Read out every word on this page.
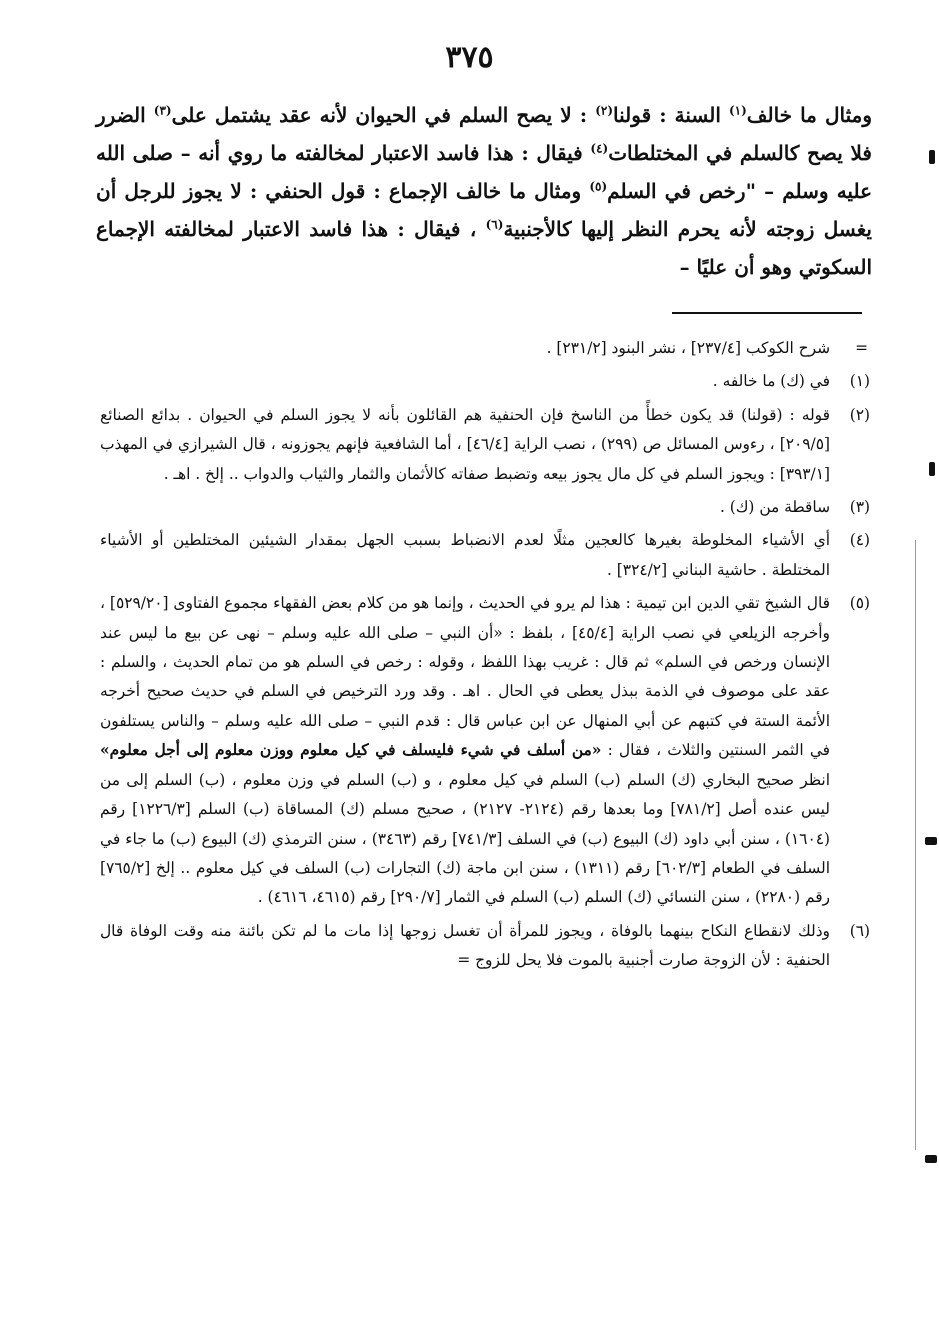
٣٧٥
ومثال ما خالف$^{(١)}$ السنة : قولنا$^{(٢)}$ : لا يصح السلم في الحيوان لأنه عقد يشتمل على$^{(٣)}$ الضرر فلا يصح كالسلم في المختلطات$^{(٤)}$ فيقال : هذا فاسد الاعتبار لمخالفته ما روي أنه – صلى الله عليه وسلم – "رخص في السلم$^{(٥)}$ ومثال ما خالف الإجماع : قول الحنفي : لا يجوز للرجل أن يغسل زوجته لأنه يحرم النظر إليها كالأجنبية$^{(٦)}$ ، فيقال : هذا فاسد الاعتبار لمخالفته الإجماع السكوتي وهو أن عليًا –
=
شرح الكوكب [٢٣٧/٤] ، نشر البنود [٢٣١/٢] .
(١)
في (ك) ما خالفه .
(٢)
قوله : (قولنا) قد يكون خطأً من الناسخ فإن الحنفية هم القائلون بأنه لا يجوز السلم في الحيوان . بدائع الصنائع [٢٠٩/٥] ، رءوس المسائل ص (٢٩٩) ، نصب الراية [٤٦/٤] ، أما الشافعية فإنهم يجوزونه ، قال الشيرازي في المهذب [٣٩٣/١] : ويجوز السلم في كل مال يجوز بيعه وتضبط صفاته كالأثمان والثمار والثياب والدواب .. إلخ . اهـ .
(٣)
ساقطة من (ك) .
(٤)
أي الأشياء المخلوطة بغيرها كالعجين مثلًا لعدم الانضباط بسبب الجهل بمقدار الشيئين المختلطين أو الأشياء المختلطة . حاشية البناني [٣٢٤/٢] .
(٥)
قال الشيخ تقي الدين ابن تيمية : هذا لم يرو في الحديث ، وإنما هو من كلام بعض الفقهاء مجموع الفتاوى [٥٢٩/٢٠] ، وأخرجه الزيلعي في نصب الراية [٤٥/٤] ، بلفظ : «أن النبي – صلى الله عليه وسلم – نهى عن بيع ما ليس عند الإنسان ورخص في السلم» ثم قال : غريب بهذا اللفظ ، وقوله : رخص في السلم هو من تمام الحديث ، والسلم : عقد على موصوف في الذمة ببذل يعطى في الحال . اهـ . وقد ورد الترخيص في السلم في حديث صحيح أخرجه الأئمة الستة في كتبهم عن أبي المنهال عن ابن عباس قال : قدم النبي – صلى الله عليه وسلم – والناس يستلفون في الثمر السنتين والثلاث ، فقال : «من أسلف في شيء فليسلف في كيل معلوم ووزن معلوم إلى أجل معلوم» انظر صحيح البخاري (ك) السلم (ب) السلم في كيل معلوم ، و (ب) السلم في وزن معلوم ، (ب) السلم إلى من ليس عنده أصل [٧٨١/٢] وما بعدها رقم (٢١٢٤- ٢١٢٧) ، صحيح مسلم (ك) المساقاة (ب) السلم [١٢٢٦/٣] رقم (١٦٠٤) ، سنن أبي داود (ك) البيوع (ب) في السلف [٧٤١/٣] رقم (٣٤٦٣) ، سنن الترمذي (ك) البيوع (ب) ما جاء في السلف في الطعام [٦٠٢/٣] رقم (١٣١١) ، سنن ابن ماجة (ك) التجارات (ب) السلف في كيل معلوم .. إلخ [٧٦٥/٢] رقم (٢٢٨٠) ، سنن النسائي (ك) السلم (ب) السلم في الثمار [٢٩٠/٧] رقم (٤٦١٥، ٤٦١٦) .
(٦)
وذلك لانقطاع النكاح بينهما بالوفاة ، ويجوز للمرأة أن تغسل زوجها إذا مات ما لم تكن بائنة منه وقت الوفاة قال الحنفية : لأن الزوجة صارت أجنبية بالموت فلا يحل للزوج =
